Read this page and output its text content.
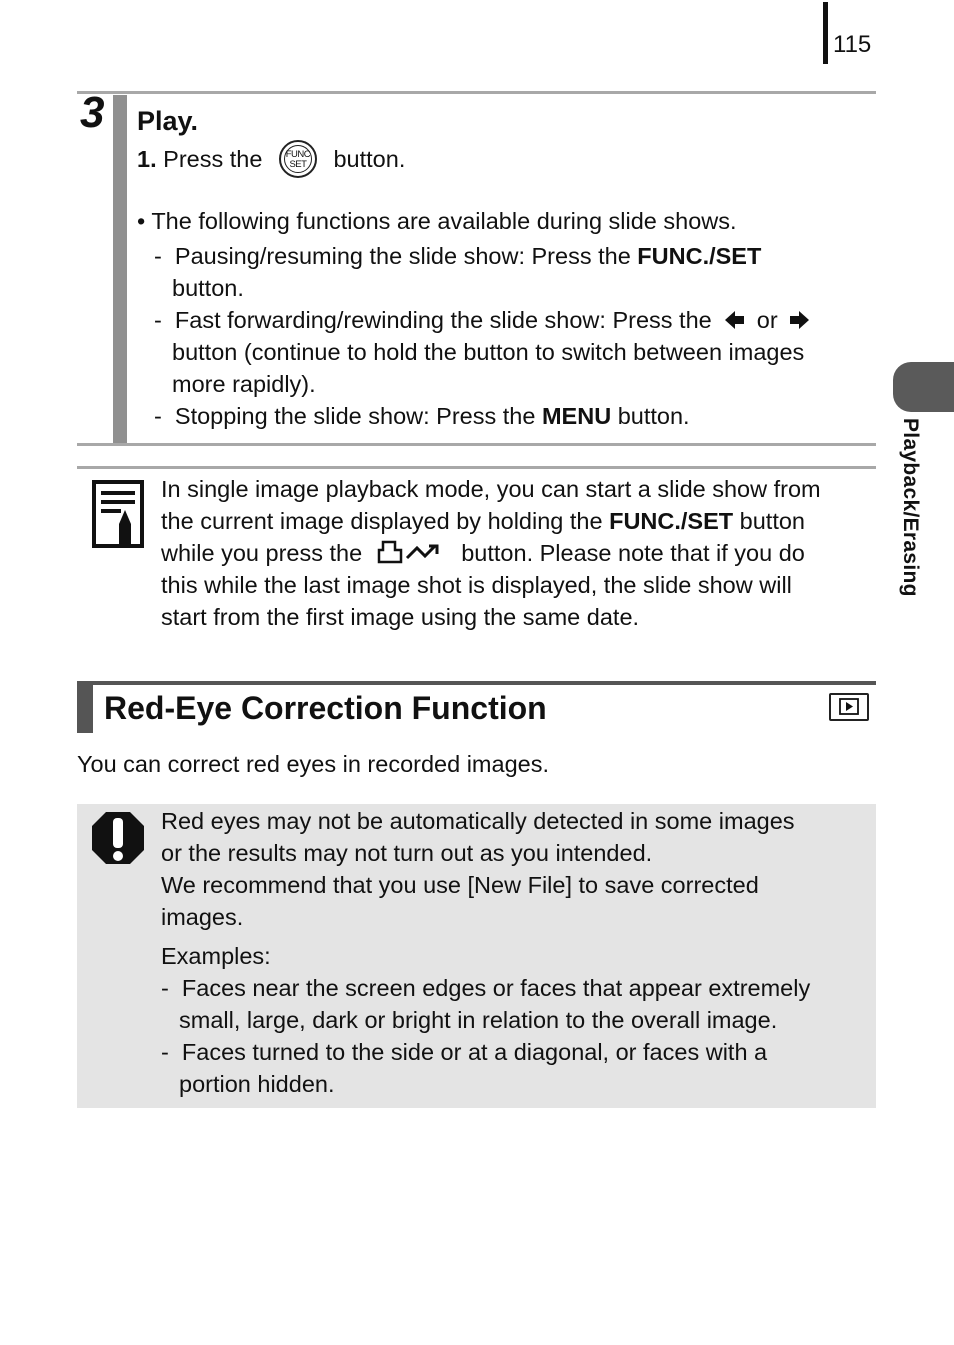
115
Playback/Erasing
3 Play.
1. Press the FUNC
SET button.
• The following functions are available during slide shows.
- Pausing/resuming the slide show: Press the FUNC./SET
button.
- Fast forwarding/rewinding the slide show: Press the or
button (continue to hold the button to switch between images
more rapidly).
- Stopping the slide show: Press the MENU button.
In single image playback mode, you can start a slide show from
the current image displayed by holding the FUNC./SET button
while you press the	button. Please note that if you do
this while the last image shot is displayed, the slide show will
start from the first image using the same date.
Red-Eye Correction Function
You can correct red eyes in recorded images.
Red eyes may not be automatically detected in some images
or the results may not turn out as you intended.
We recommend that you use [New File] to save corrected
images.
Examples:
- Faces near the screen edges or faces that appear extremely
small, large, dark or bright in relation to the overall image.
- Faces turned to the side or at a diagonal, or faces with a
portion hidden.
